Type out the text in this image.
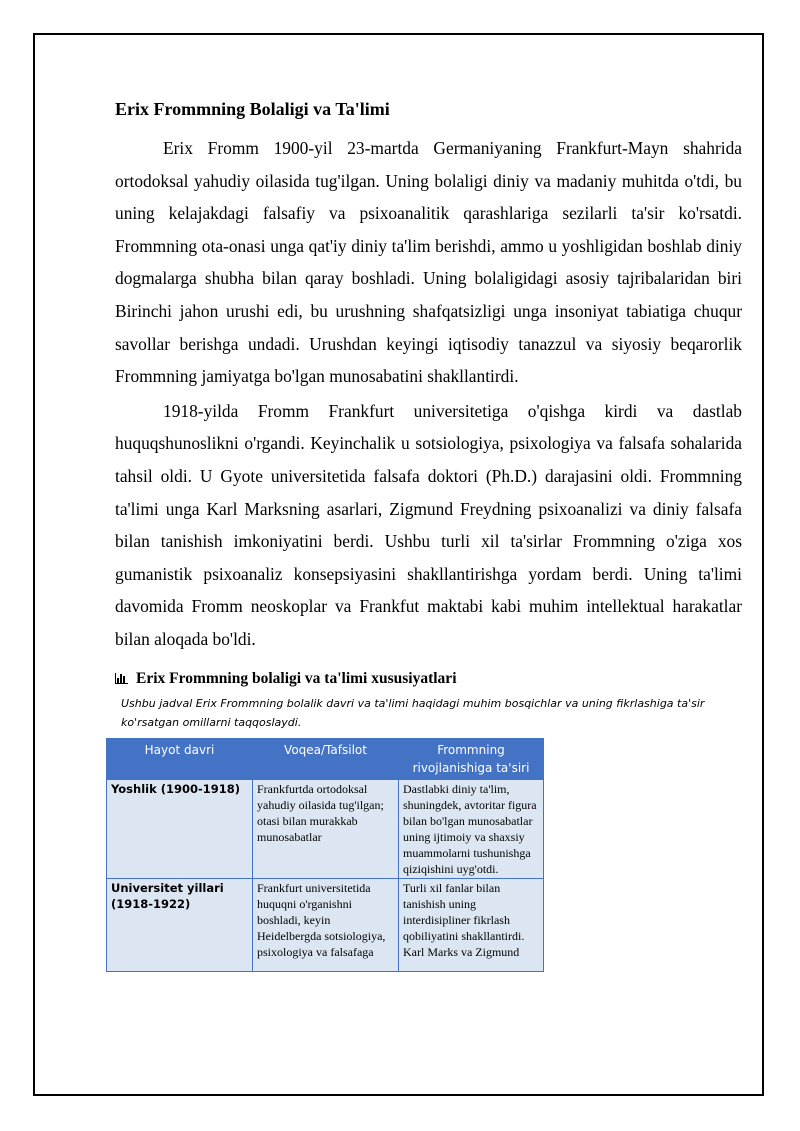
Erix Frommning Bolaligi va Ta'limi

Erix Fromm 1900-yil 23-martda Germaniyaning Frankfurt-Mayn shahrida ortodoksal yahudiy oilasida tug'ilgan. Uning bolaligi diniy va madaniy muhitda o'tdi, bu uning kelajakdagi falsafiy va psixoanalitik qarashlariga sezilarli ta'sir ko'rsatdi. Frommning ota-onasi unga qat'iy diniy ta'lim berishdi, ammo u yoshligidan boshlab diniy dogmalarga shubha bilan qaray boshladi. Uning bolaligidagi asosiy tajribalaridan biri Birinchi jahon urushi edi, bu urushning shafqatsizligi unga insoniyat tabiatiga chuqur savollar berishga undadi. Urushdan keyingi iqtisodiy tanazzul va siyosiy beqarorlik Frommning jamiyatga bo'lgan munosabatini shakllantirdi.

1918-yilda Fromm Frankfurt universitetiga o'qishga kirdi va dastlab huquqshunoslikni o'rgandi. Keyinchalik u sotsiologiya, psixologiya va falsafa sohalarida tahsil oldi. U Gyote universitetida falsafa doktori (Ph.D.) darajasini oldi. Frommning ta'limi unga Karl Marksning asarlari, Zigmund Freydning psixoanalizi va diniy falsafa bilan tanishish imkoniyatini berdi. Ushbu turli xil ta'sirlar Frommning o'ziga xos gumanistik psixoanaliz konsepsiyasini shakllantirishga yordam berdi. Uning ta'limi davomida Fromm neoskoplar va Frankfut maktabi kabi muhim intellektual harakatlar bilan aloqada bo'ldi.

Erix Frommning bolaligi va ta'limi xususiyatlari
Ushbu jadval Erix Frommning bolalik davri va ta'limi haqidagi muhim bosqichlar va uning fikrlashiga ta'sir ko'rsatgan omillarni taqqoslaydi.
Hayot davri	Voqea/Tafsilot	Frommning rivojlanishiga ta'siri
Yoshlik (1900-1918)	Frankfurtda ortodoksal yahudiy oilasida tug'ilgan; otasi bilan murakkab munosabatlar	Dastlabki diniy ta'lim, shuningdek, avtoritar figura bilan bo'lgan munosabatlar uning ijtimoiy va shaxsiy muammolarni tushunishga qiziqishini uyg'otdi.
Universitet yillari (1918-1922)	Frankfurt universitetida huquqni o'rganishni boshladi, keyin Heidelbergda sotsiologiya, psixologiya va falsafaga	Turli xil fanlar bilan tanishish uning interdisipliner fikrlash qobiliyatini shakllantirdi. Karl Marks va Zigmund
